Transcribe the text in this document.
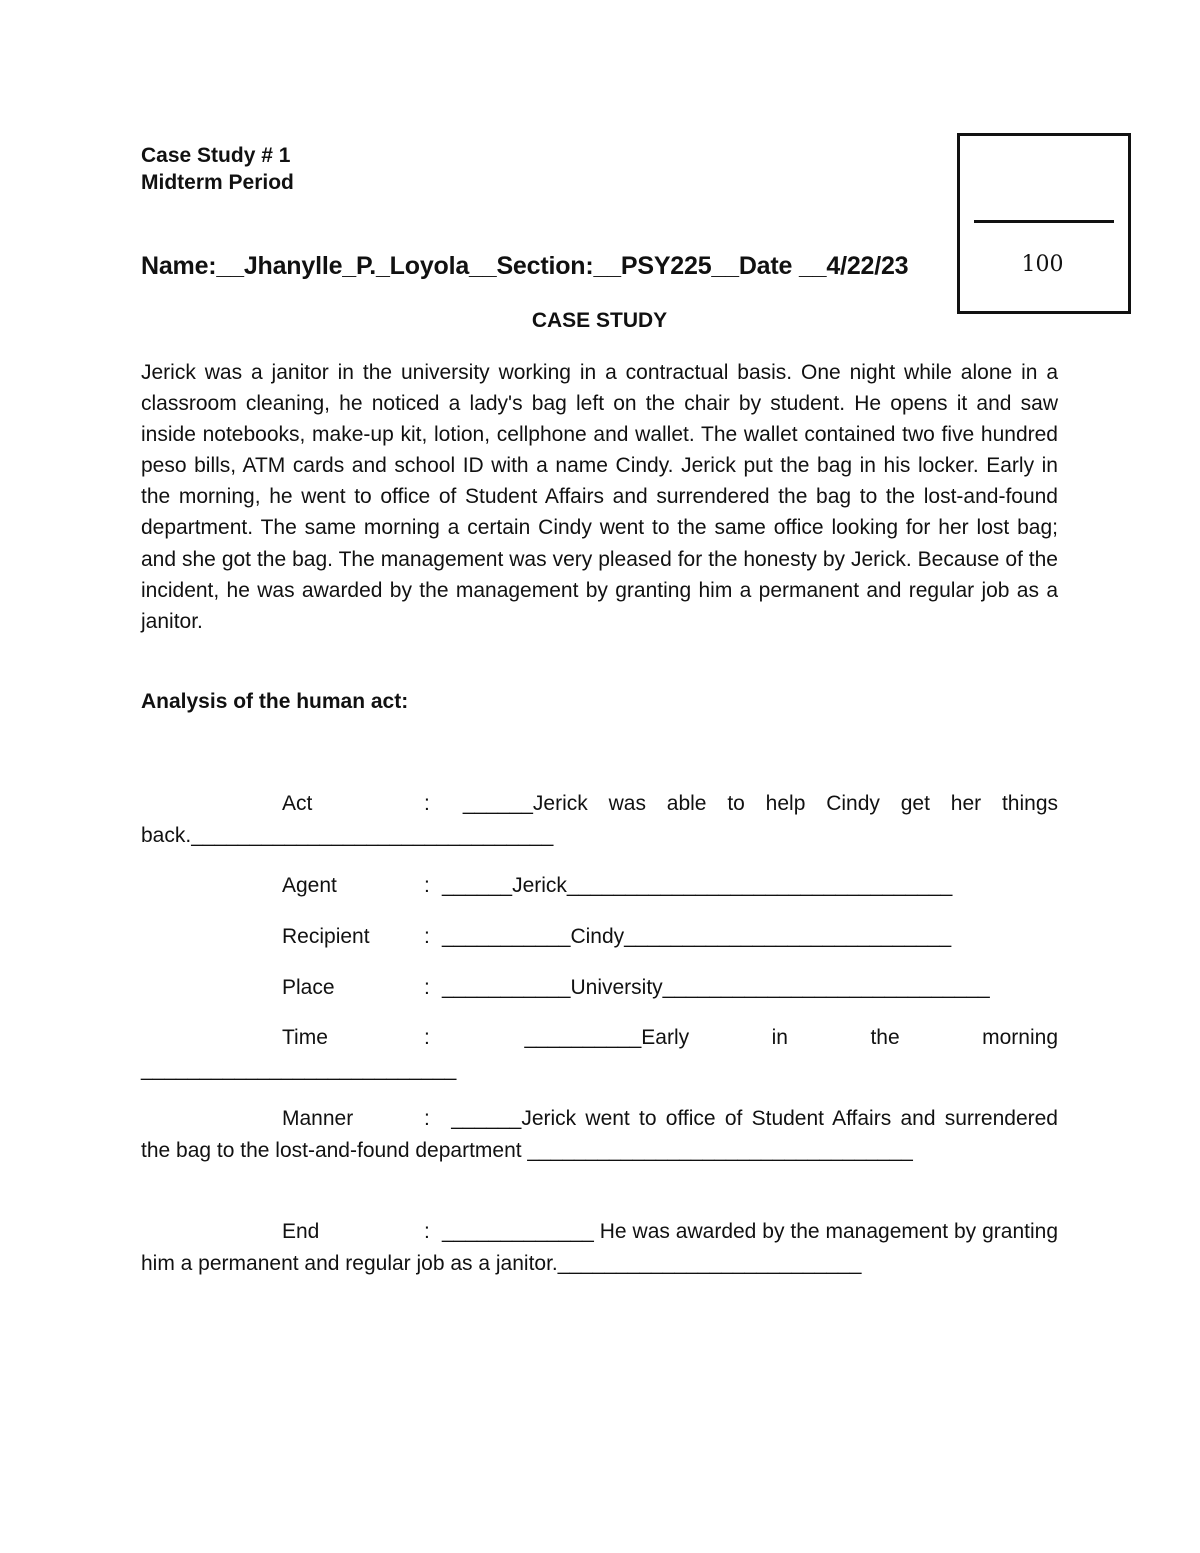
Case Study # 1
Midterm Period
Name:__Jhanylle_P._Loyola__Section:__PSY225__Date __4/22/23	100
CASE STUDY

Jerick was a janitor in the university working in a contractual basis. One night while alone in a classroom cleaning, he noticed a lady's bag left on the chair by student. He opens it and saw inside notebooks, make-up kit, lotion, cellphone and wallet. The wallet contained two five hundred peso bills, ATM cards and school ID with a name Cindy. Jerick put the bag in his locker. Early in the morning, he went to office of Student Affairs and surrendered the bag to the lost-and-found department. The same morning a certain Cindy went to the same office looking for her lost bag; and she got the bag. The management was very pleased for the honesty by Jerick. Because of the incident, he was awarded by the management by granting him a permanent and regular job as a janitor.

Analysis of the human act:

Act	: ______Jerick was able to help Cindy get her things back._______________________________

Agent	: ______Jerick_________________________________

Recipient	: ___________Cindy____________________________

Place	: ___________University____________________________

Time	:	__________Early in the morning ___________________________

Manner	: ______Jerick went to office of Student Affairs and surrendered the bag to the lost-and-found department _________________________________

End	: _____________ He was awarded by the management by granting him a permanent and regular job as a janitor.__________________________
